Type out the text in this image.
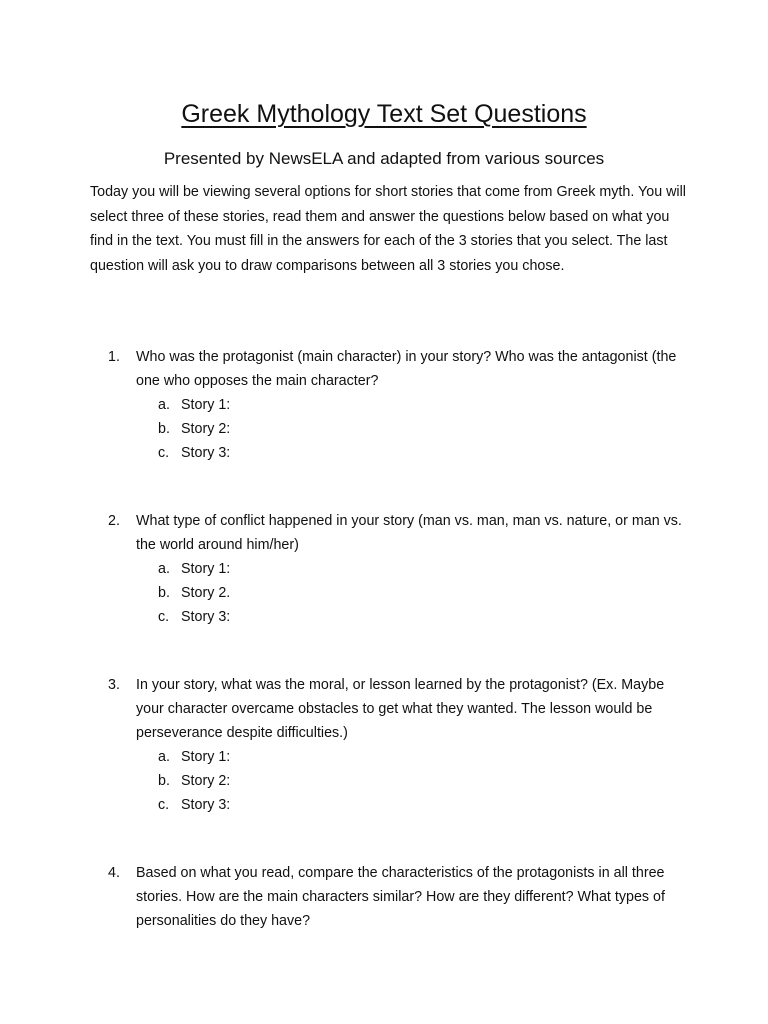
Greek Mythology Text Set Questions
Presented by NewsELA and adapted from various sources

Today you will be viewing several options for short stories that come from Greek myth. You will select three of these stories, read them and answer the questions below based on what you find in the text. You must fill in the answers for each of the 3 stories that you select. The last question will ask you to draw comparisons between all 3 stories you chose.

1.	Who was the protagonist (main character) in your story? Who was the antagonist (the one who opposes the main character?

a. Story 1:
b. Story 2:
c. Story 3:
2.	What type of conflict happened in your story (man vs. man, man vs. nature, or man vs. the world around him/her)

a. Story 1:
b. Story 2.
c. Story 3:
3.	In your story, what was the moral, or lesson learned by the protagonist? (Ex. Maybe your character overcame obstacles to get what they wanted. The lesson would be perseverance despite difficulties.)

a. Story 1:
b. Story 2:
c. Story 3:
4.	Based on what you read, compare the characteristics of the protagonists in all three stories. How are the main characters similar? How are they different? What types of personalities do they have?
